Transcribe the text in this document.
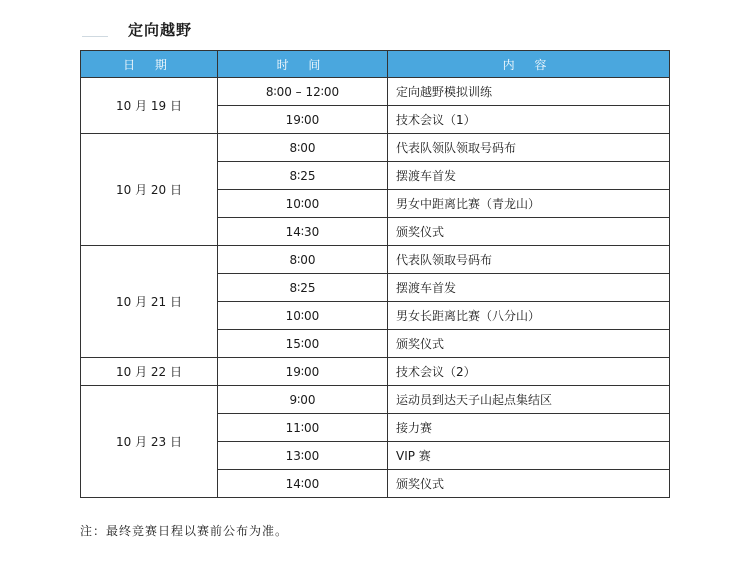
定向越野
日 期	时 间	内 容
10 月 19 日	8∶00 – 12∶00	定向越野模拟训练
	19∶00	技术会议（1）
10 月 20 日	8∶00	代表队领队领取号码布
	8∶25	摆渡车首发
	10∶00	男女中距离比赛（青龙山）
	14∶30	颁奖仪式
10 月 21 日	8∶00	代表队领取号码布
	8∶25	摆渡车首发
	10∶00	男女长距离比赛（八分山）
	15∶00	颁奖仪式
10 月 22 日	19∶00	技术会议（2）
10 月 23 日	9∶00	运动员到达天子山起点集结区
	11∶00	接力赛
	13∶00	VIP 赛
	14∶00	颁奖仪式
注：最终竞赛日程以赛前公布为准。
